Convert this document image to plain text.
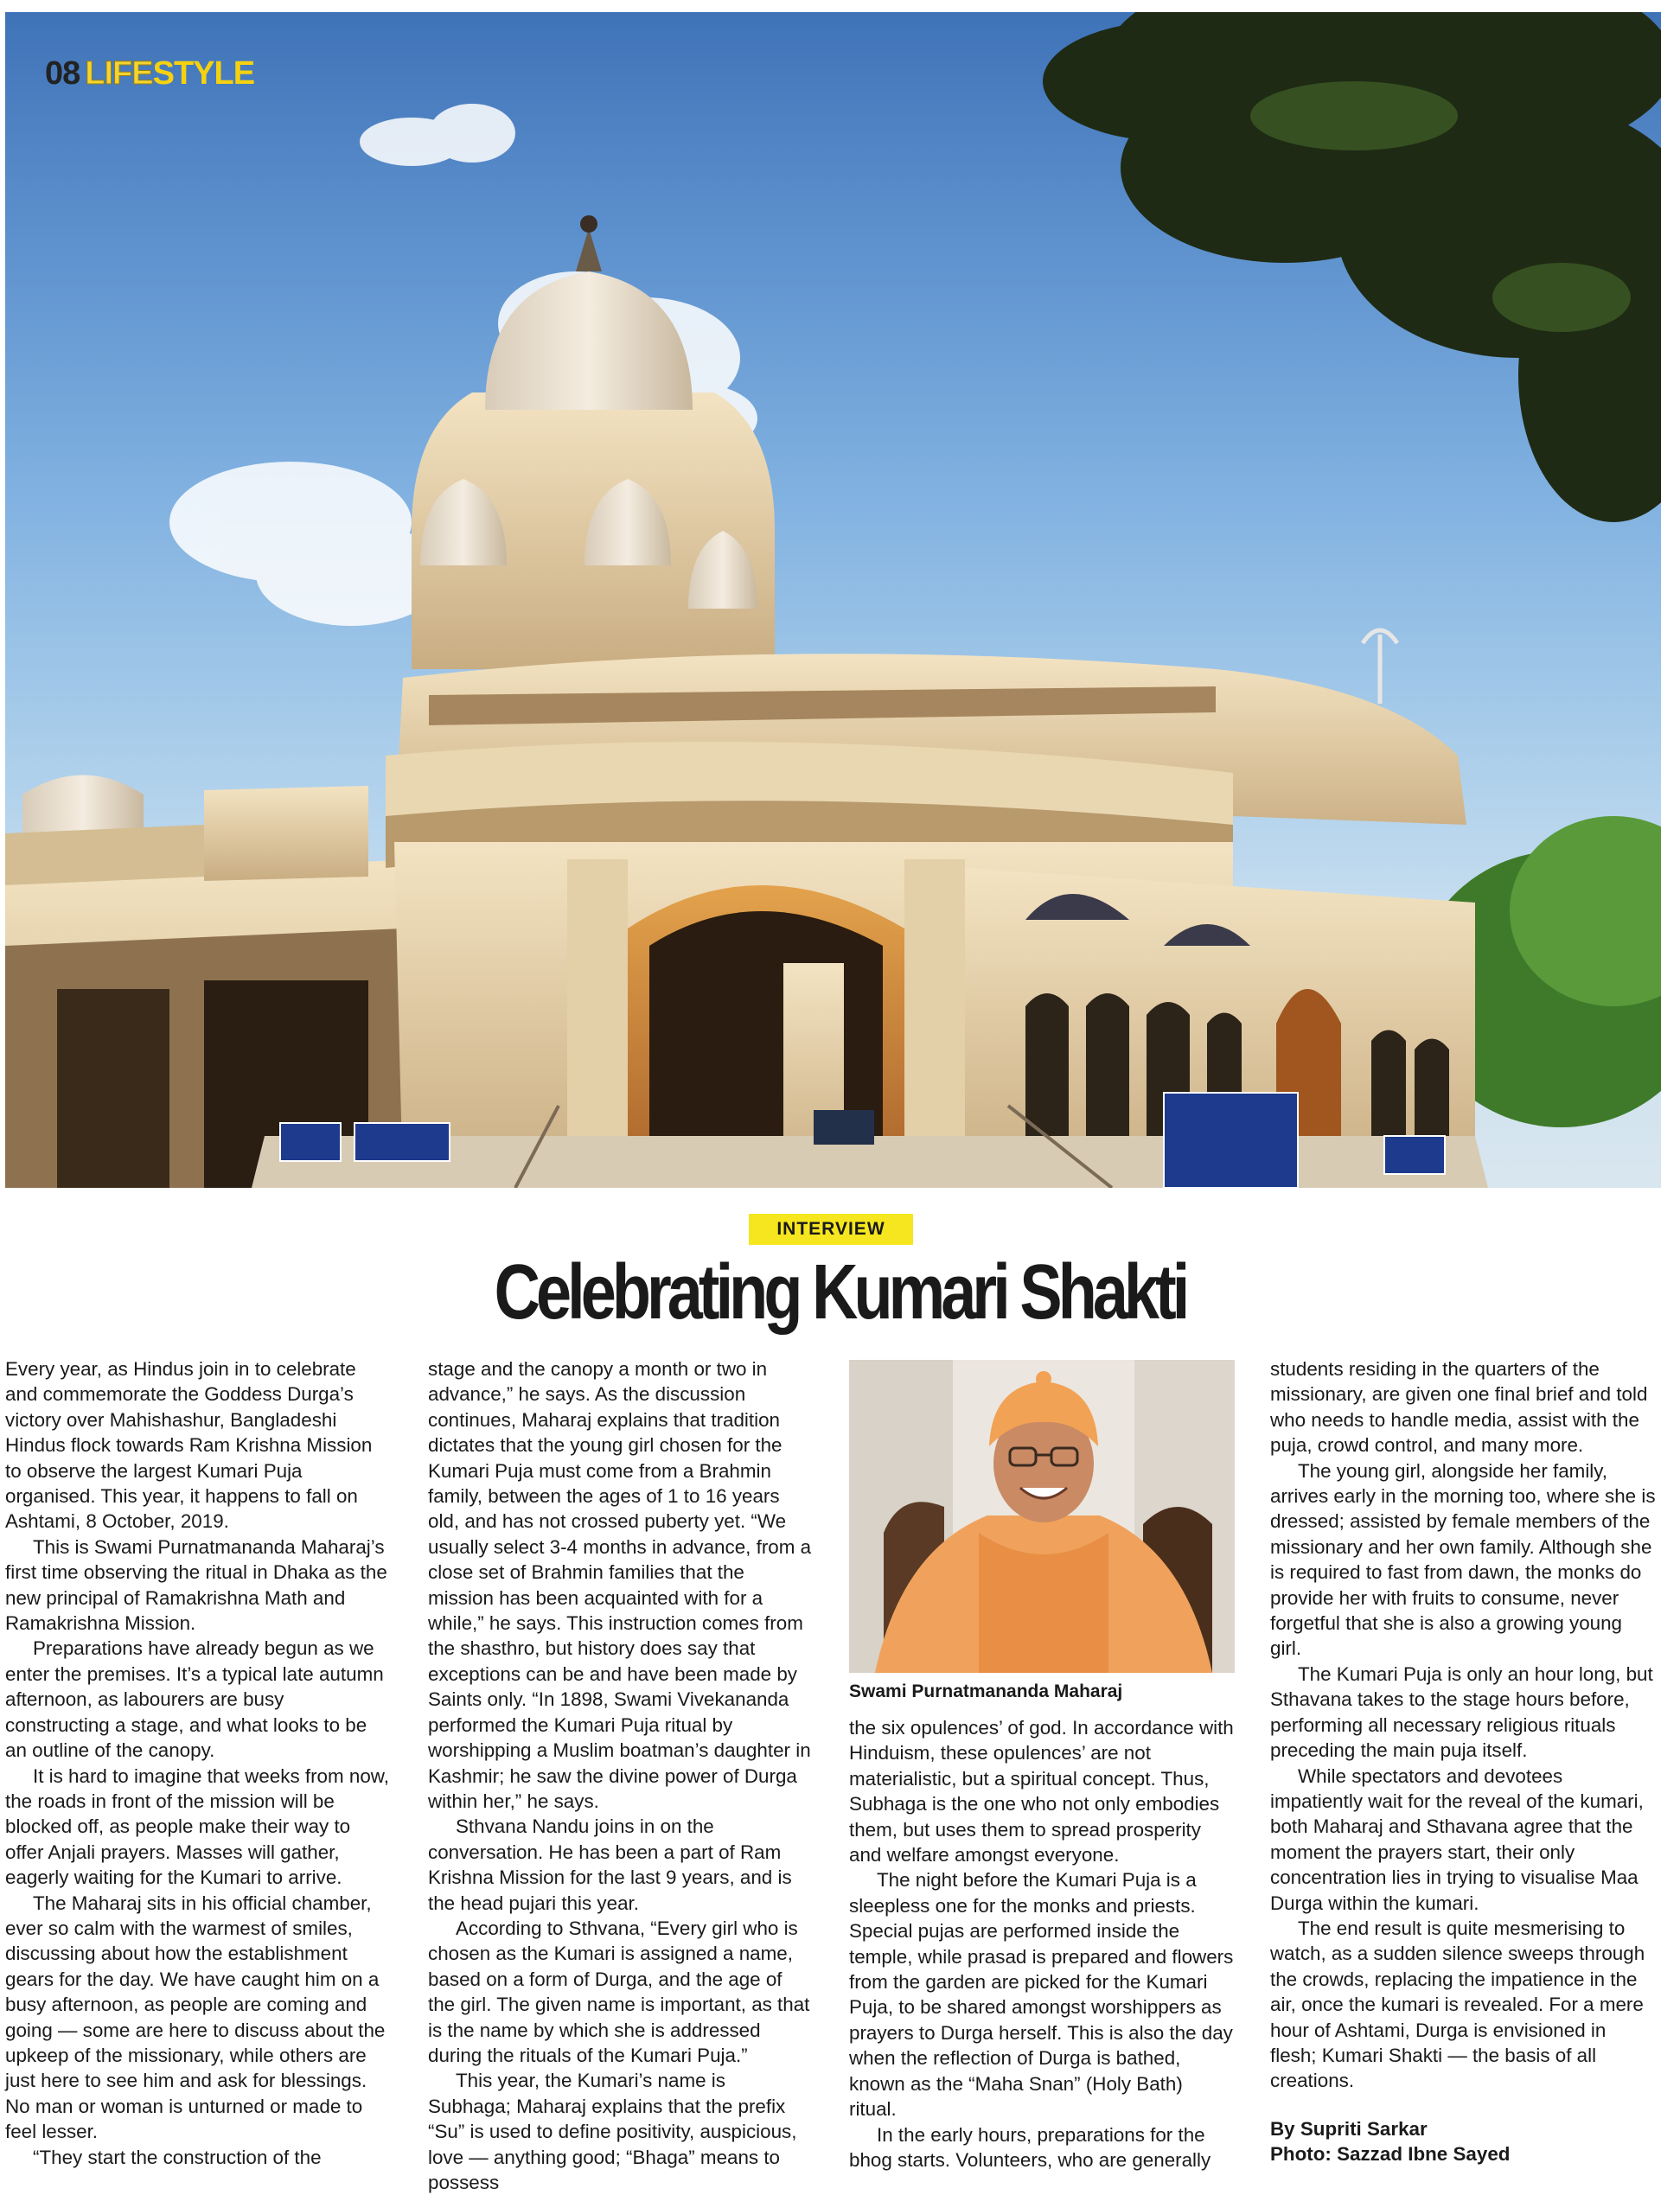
08 LIFESTYLE
INTERVIEW
Celebrating Kumari Shakti

Every year, as Hindus join in to celebrate and commemorate the Goddess Durga’s victory over Mahishashur, Bangladeshi Hindus flock towards Ram Krishna Mission to observe the largest Kumari Puja organised. This year, it happens to fall on Ashtami, 8 October, 2019.

This is Swami Purnatmananda Maharaj’s first time observing the ritual in Dhaka as the new principal of Ramakrishna Math and Ramakrishna Mission.

Preparations have already begun as we enter the premises. It’s a typical late autumn afternoon, as labourers are busy constructing a stage, and what looks to be an outline of the canopy.

It is hard to imagine that weeks from now, the roads in front of the mission will be blocked off, as people make their way to offer Anjali prayers. Masses will gather, eagerly waiting for the Kumari to arrive.

The Maharaj sits in his official chamber, ever so calm with the warmest of smiles, discussing about how the establishment gears for the day. We have caught him on a busy afternoon, as people are coming and going — some are here to discuss about the upkeep of the missionary, while others are just here to see him and ask for blessings. No man or woman is unturned or made to feel lesser.

“They start the construction of the

stage and the canopy a month or two in advance,” he says. As the discussion continues, Maharaj explains that tradition dictates that the young girl chosen for the Kumari Puja must come from a Brahmin family, between the ages of 1 to 16 years old, and has not crossed puberty yet. “We usually select 3-4 months in advance, from a close set of Brahmin families that the mission has been acquainted with for a while,” he says. This instruction comes from the shasthro, but history does say that exceptions can be and have been made by Saints only. “In 1898, Swami Vivekananda performed the Kumari Puja ritual by worshipping a Muslim boatman’s daughter in Kashmir; he saw the divine power of Durga within her,” he says.

Sthvana Nandu joins in on the conversation. He has been a part of Ram Krishna Mission for the last 9 years, and is the head pujari this year.

According to Sthvana, “Every girl who is chosen as the Kumari is assigned a name, based on a form of Durga, and the age of the girl. The given name is important, as that is the name by which she is addressed during the rituals of the Kumari Puja.”

This year, the Kumari’s name is Subhaga; Maharaj explains that the prefix “Su” is used to define positivity, auspicious, love — anything good; “Bhaga” means to possess

Swami Purnatmananda Maharaj

the six opulences’ of god. In accordance with Hinduism, these opulences’ are not materialistic, but a spiritual concept. Thus, Subhaga is the one who not only embodies them, but uses them to spread prosperity and welfare amongst everyone.

The night before the Kumari Puja is a sleepless one for the monks and priests. Special pujas are performed inside the temple, while prasad is prepared and flowers from the garden are picked for the Kumari Puja, to be shared amongst worshippers as prayers to Durga herself. This is also the day when the reflection of Durga is bathed, known as the “Maha Snan” (Holy Bath) ritual.

In the early hours, preparations for the bhog starts. Volunteers, who are generally

students residing in the quarters of the missionary, are given one final brief and told who needs to handle media, assist with the puja, crowd control, and many more.

The young girl, alongside her family, arrives early in the morning too, where she is dressed; assisted by female members of the missionary and her own family. Although she is required to fast from dawn, the monks do provide her with fruits to consume, never forgetful that she is also a growing young girl.

The Kumari Puja is only an hour long, but Sthavana takes to the stage hours before, performing all necessary religious rituals preceding the main puja itself.

While spectators and devotees impatiently wait for the reveal of the kumari, both Maharaj and Sthavana agree that the moment the prayers start, their only concentration lies in trying to visualise Maa Durga within the kumari.

The end result is quite mesmerising to watch, as a sudden silence sweeps through the crowds, replacing the impatience in the air, once the kumari is revealed. For a mere hour of Ashtami, Durga is envisioned in flesh; Kumari Shakti — the basis of all creations.

By Supriti Sarkar

Photo: Sazzad Ibne Sayed
